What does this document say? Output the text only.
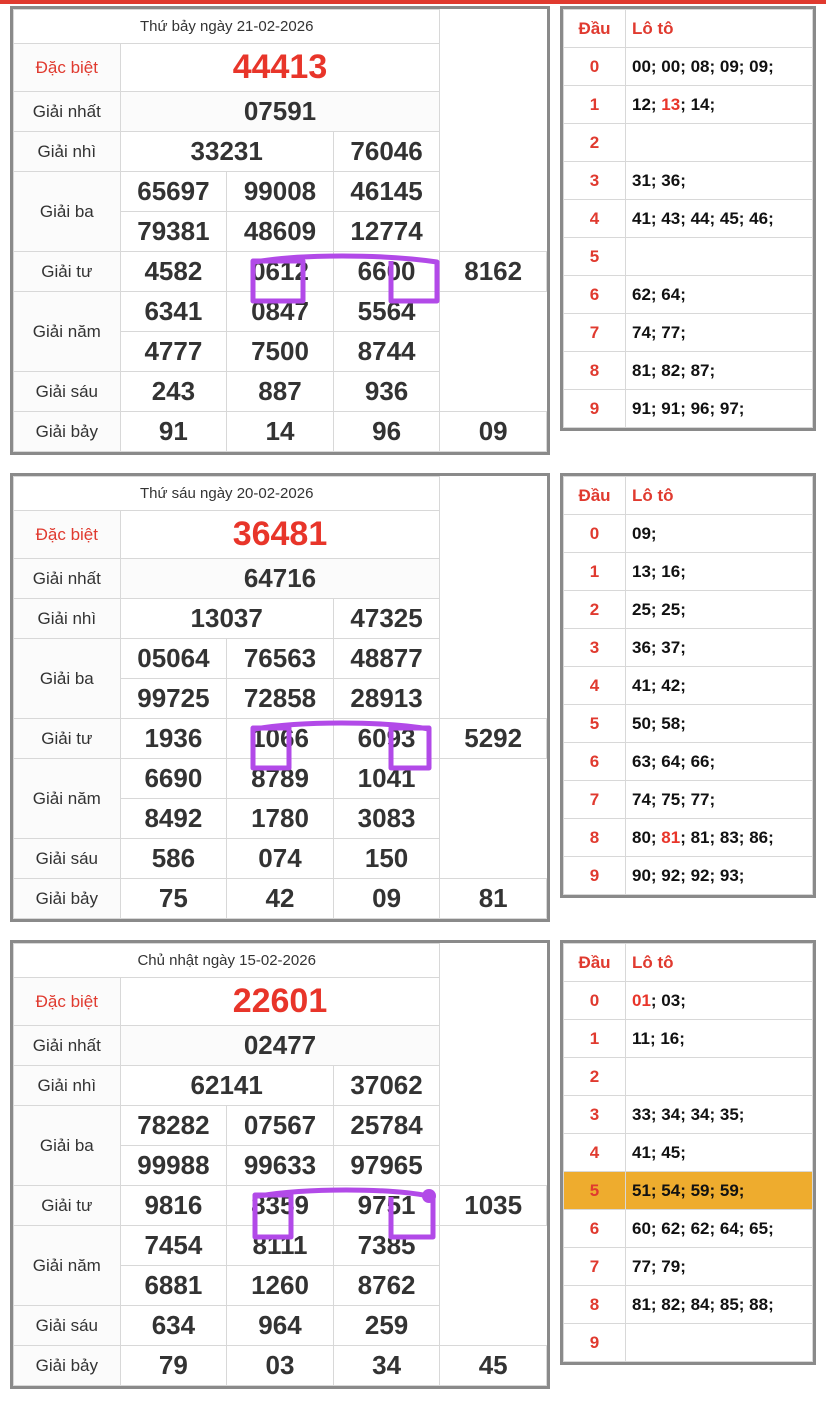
Thứ bảy ngày 21-02-2026				
Đặc biệt	44413			
Giải nhất	07591			
Giải nhì	33231		76046	
Giải ba	65697	99008	46145	
	79381	48609	12774	
Giải tư	4582	0612	6600	8162
Giải năm	6341	0847	5564	
	4777	7500	8744	
Giải sáu	243	887	936	
Giải bảy	91	14	96	09
Đầu	Lô tô
0	00; 00; 08; 09; 09;
1	12; 13; 14;
2	
3	31; 36;
4	41; 43; 44; 45; 46;
5	
6	62; 64;
7	74; 77;
8	81; 82; 87;
9	91; 91; 96; 97;
Thứ sáu ngày 20-02-2026				
Đặc biệt	36481			
Giải nhất	64716			
Giải nhì	13037		47325	
Giải ba	05064	76563	48877	
	99725	72858	28913	
Giải tư	1936	1066	6093	5292
Giải năm	6690	8789	1041	
	8492	1780	3083	
Giải sáu	586	074	150	
Giải bảy	75	42	09	81
Đầu	Lô tô
0	09;
1	13; 16;
2	25; 25;
3	36; 37;
4	41; 42;
5	50; 58;
6	63; 64; 66;
7	74; 75; 77;
8	80; 81; 81; 83; 86;
9	90; 92; 92; 93;
Chủ nhật ngày 15-02-2026				
Đặc biệt	22601			
Giải nhất	02477			
Giải nhì	62141		37062	
Giải ba	78282	07567	25784	
	99988	99633	97965	
Giải tư	9816	8359	9751	1035
Giải năm	7454	8111	7385	
	6881	1260	8762	
Giải sáu	634	964	259	
Giải bảy	79	03	34	45
Đầu	Lô tô
0	01; 03;
1	11; 16;
2	
3	33; 34; 34; 35;
4	41; 45;
5	51; 54; 59; 59;
6	60; 62; 62; 64; 65;
7	77; 79;
8	81; 82; 84; 85; 88;
9	
